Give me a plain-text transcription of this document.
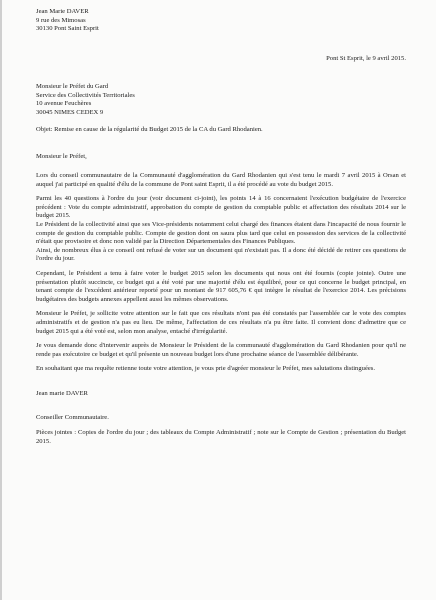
Jean Marie DAVER
9 rue des Mimosas
30130 Pont Saint Esprit
Pont St Esprit, le 9 avril 2015.
Monsieur le Préfet du Gard
Service des Collectivités Territoriales
10 avenue Feuchères
30045 NIMES CEDEX 9
Objet: Remise en cause de la régularité du Budget 2015 de la CA du Gard Rhodanien.
Monsieur le Préfet,

Lors du conseil communautaire de la Communauté d'agglomération du Gard Rhodanien qui s'est tenu le mardi 7 avril 2015 à Orsan et auquel j'ai participé en qualité d'élu de la commune de Pont saint Esprit, il a été procédé au vote du budget 2015.

Parmi les 40 questions à l'ordre du jour (voir document ci-joint), les points 14 à 16 concernaient l'exécution budgétaire de l'exercice précédent : Vote du compte administratif, approbation du compte de gestion du comptable public et affectation des résultats 2014 sur le budget 2015.

Le Président de la collectivité ainsi que ses Vice-présidents notamment celui chargé des finances étaient dans l'incapacité de nous fournir le compte de gestion du comptable public. Compte de gestion dont on saura plus tard que celui en possession des services de la collectivité n'était que provisoire et donc non validé par la Direction Départementales des Finances Publiques.

Ainsi, de nombreux élus à ce conseil ont refusé de voter sur un document qui n'existait pas. Il a donc été décidé de retirer ces questions de l'ordre du jour.

Cependant, le Président a tenu à faire voter le budget 2015 selon les documents qui nous ont été fournis (copie jointe). Outre une présentation plutôt succincte, ce budget qui a été voté par une majorité d'élu est équilibré, pour ce qui concerne le budget principal, en tenant compte de l'excédent antérieur reporté pour un montant de 917 605,76 € qui intègre le résultat de l'exercice 2014. Les précisions budgétaires des budgets annexes appellent aussi les mêmes observations.

Monsieur le Préfet, je sollicite votre attention sur le fait que ces résultats n'ont pas été constatés par l'assemblée car le vote des comptes administratifs et de gestion n'a pas eu lieu. De même, l'affectation de ces résultats n'a pu être faite. Il convient donc d'admettre que ce budget 2015 qui a été voté est, selon mon analyse, entaché d'irrégularité.

Je vous demande donc d'intervenir auprès de Monsieur le Président de la communauté d'agglomération du Gard Rhodanien pour qu'il ne rende pas exécutoire ce budget et qu'il présente un nouveau budget lors d'une prochaine séance de l'assemblée délibérante.

En souhaitant que ma requête retienne toute votre attention, je vous prie d'agréer monsieur le Préfet, mes salutations distinguées.

Jean marie DAVER

Conseiller Communautaire.

Pièces jointes : Copies de l'ordre du jour ; des tableaux du Compte Administratif ; note sur le Compte de Gestion ; présentation du Budget 2015.
